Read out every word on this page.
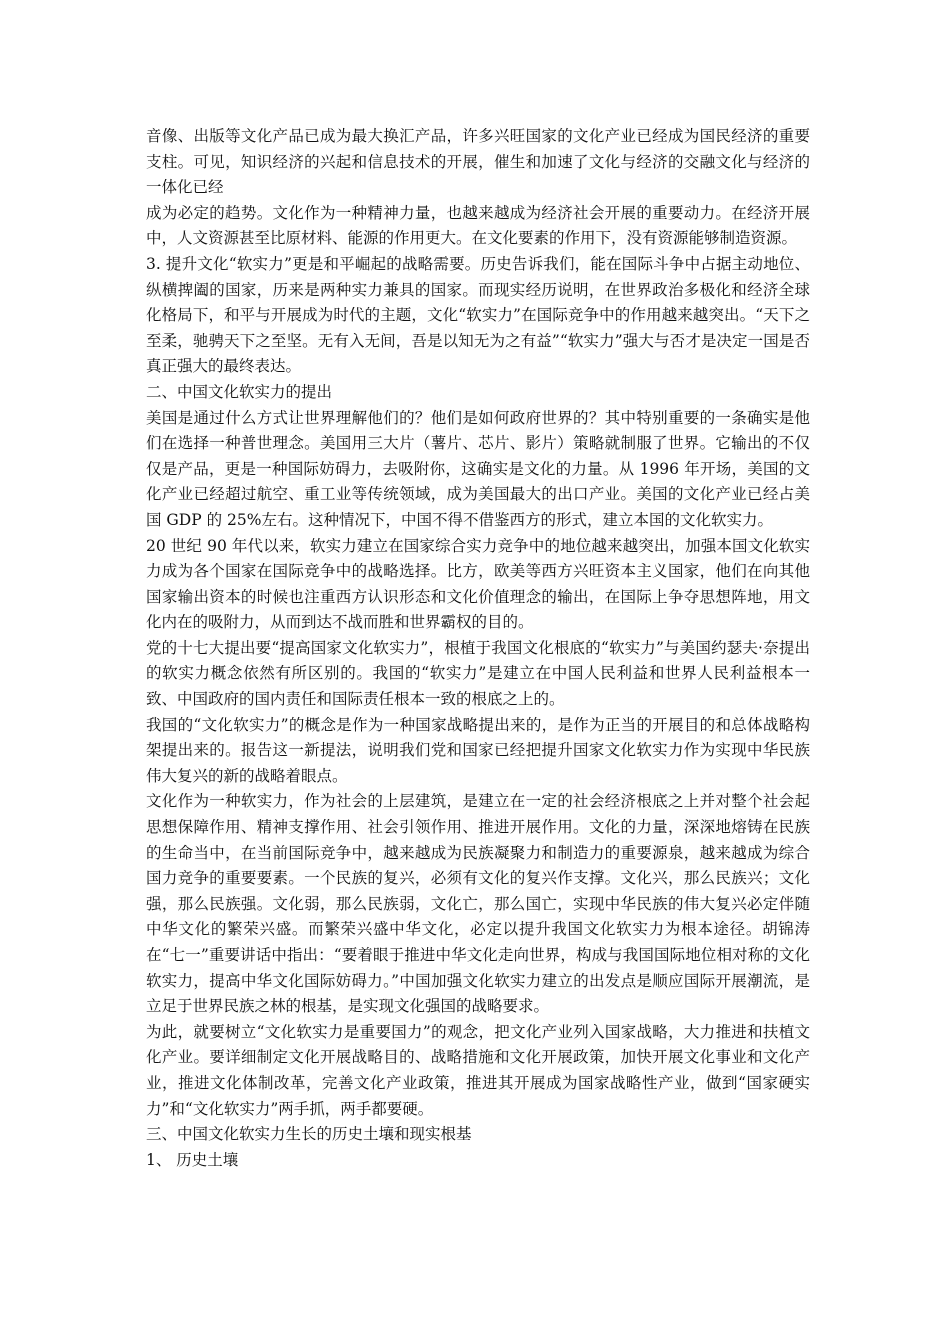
音像、出版等文化产品已成为最大换汇产品，许多兴旺国家的文化产业已经成为国民经济的重要支柱。可见，知识经济的兴起和信息技术的开展，催生和加速了文化与经济的交融文化与经济的一体化已经

成为必定的趋势。文化作为一种精神力量，也越来越成为经济社会开展的重要动力。在经济开展中，人文资源甚至比原材料、能源的作用更大。在文化要素的作用下，没有资源能够制造资源。

3. 提升文化“软实力”更是和平崛起的战略需要。历史告诉我们，能在国际斗争中占据主动地位、纵横捭阖的国家，历来是两种实力兼具的国家。而现实经历说明，在世界政治多极化和经济全球化格局下，和平与开展成为时代的主题，文化“软实力”在国际竞争中的作用越来越突出。“天下之至柔，驰骋天下之至坚。无有入无间，吾是以知无为之有益”“软实力”强大与否才是决定一国是否真正强大的最终表达。

二、中国文化软实力的提出

美国是通过什么方式让世界理解他们的？他们是如何政府世界的？其中特别重要的一条确实是他们在选择一种普世理念。美国用三大片（薯片、芯片、影片）策略就制服了世界。它输出的不仅仅是产品，更是一种国际妨碍力，去吸附你，这确实是文化的力量。从 1996 年开场，美国的文化产业已经超过航空、重工业等传统领域，成为美国最大的出口产业。美国的文化产业已经占美国 GDP 的 25%左右。这种情况下，中国不得不借鉴西方的形式，建立本国的文化软实力。

20 世纪 90 年代以来，软实力建立在国家综合实力竞争中的地位越来越突出，加强本国文化软实力成为各个国家在国际竞争中的战略选择。比方，欧美等西方兴旺资本主义国家，他们在向其他国家输出资本的时候也注重西方认识形态和文化价值理念的输出，在国际上争夺思想阵地，用文化内在的吸附力，从而到达不战而胜和世界霸权的目的。

党的十七大提出要“提高国家文化软实力”，根植于我国文化根底的“软实力”与美国约瑟夫·奈提出的软实力概念依然有所区别的。我国的“软实力”是建立在中国人民利益和世界人民利益根本一致、中国政府的国内责任和国际责任根本一致的根底之上的。

我国的“文化软实力”的概念是作为一种国家战略提出来的，是作为正当的开展目的和总体战略构架提出来的。报告这一新提法，说明我们党和国家已经把提升国家文化软实力作为实现中华民族伟大复兴的新的战略着眼点。

文化作为一种软实力，作为社会的上层建筑，是建立在一定的社会经济根底之上并对整个社会起思想保障作用、精神支撑作用、社会引领作用、推进开展作用。文化的力量，深深地熔铸在民族的生命当中，在当前国际竞争中，越来越成为民族凝聚力和制造力的重要源泉，越来越成为综合国力竞争的重要要素。一个民族的复兴，必须有文化的复兴作支撑。文化兴，那么民族兴；文化强，那么民族强。文化弱，那么民族弱，文化亡，那么国亡，实现中华民族的伟大复兴必定伴随中华文化的繁荣兴盛。而繁荣兴盛中华文化，必定以提升我国文化软实力为根本途径。胡锦涛在“七一”重要讲话中指出：“要着眼于推进中华文化走向世界，构成与我国国际地位相对称的文化软实力，提高中华文化国际妨碍力。”中国加强文化软实力建立的出发点是顺应国际开展潮流，是立足于世界民族之林的根基，是实现文化强国的战略要求。

为此，就要树立“文化软实力是重要国力”的观念，把文化产业列入国家战略，大力推进和扶植文化产业。要详细制定文化开展战略目的、战略措施和文化开展政策，加快开展文化事业和文化产业，推进文化体制改革，完善文化产业政策，推进其开展成为国家战略性产业，做到“国家硬实力”和“文化软实力”两手抓，两手都要硬。

三、中国文化软实力生长的历史土壤和现实根基

1、 历史土壤
